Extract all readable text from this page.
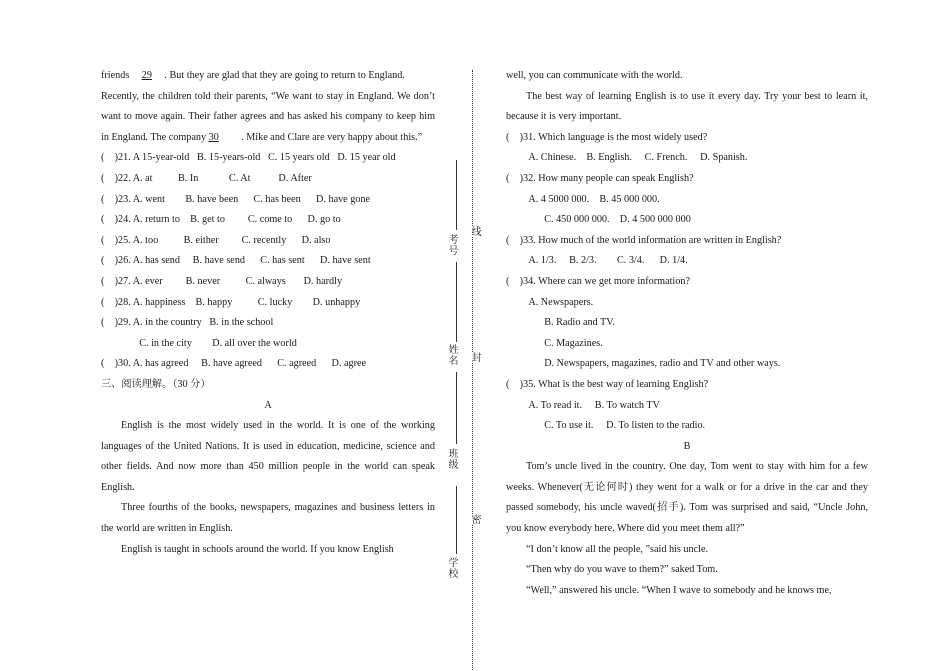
friends 29 . But they are glad that they are going to return to England.

Recently, the children told their parents, “We want to stay in England. We don’t want to move again. Their father agrees and has asked his company to keep him in England. The company 30 . Mike and Clare are very happy about this.”

(    )21. A 15-year-old   B. 15-years-old   C. 15 years old   D. 15 year old

(    )22. A. at          B. In            C. At           D. After

(    )23. A. went        B. have been      C. has been      D. have gone

(    )24. A. return to    B. get to         C. come to      D. go to

(    )25. A. too          B. either         C. recently      D. also

(    )26. A. has send     B. have send      C. has sent      D. have sent

(    )27. A. ever         B. never          C. always       D. hardly

(    )28. A. happiness    B. happy          C. lucky        D. unhappy

(    )29. A. in the country   B. in the school

C. in the city        D. all over the world

(    )30. A. has agreed     B. have agreed      C. agreed      D. agree

三、阅读理解。（30 分）

A

English is the most widely used in the world. It is one of the working languages of the United Nations. It is used in education, medicine, science and other fields. And now more than 450 million people in the world can speak English.

Three fourths of the books, newspapers, magazines and business letters in the world are written in English.

English is taught in schools around the world. If you know English

考号
姓名
班级
学校
线
封
密

well, you can communicate with the world.

The best way of learning English is to use it every day. Try your best to learn it, because it is very important.

(    )31. Which language is the most widely used?

A. Chinese.    B. English.     C. French.     D. Spanish.

(    )32. How many people can speak English?

A. 4 5000 000.    B. 45 000 000.

C. 450 000 000.    D. 4 500 000 000

(    )33. How much of the world information are written in English?

A. 1/3.     B. 2/3.        C. 3/4.      D. 1/4.

(    )34. Where can we get more information?

A. Newspapers.

B. Radio and TV.

C. Magazines.

D. Newspapers, magazines, radio and TV and other ways.

(    )35. What is the best way of learning English?

A. To read it.     B. To watch TV

C. To use it.     D. To listen to the radio.

B

Tom’s uncle lived in the country. One day, Tom went to stay with him for a few weeks. Whenever(无论何时) they went for a walk or for a drive in the car and they passed somebody, his uncle waved(招手). Tom was surprised and said, “Uncle John, you know everybody here. Where did you meet them all?”

“I don’t know all the people, ”said his uncle.

“Then why do you wave to them?” saked Tom.

“Well,” answered his uncle. “When I wave to somebody and he knows me,
